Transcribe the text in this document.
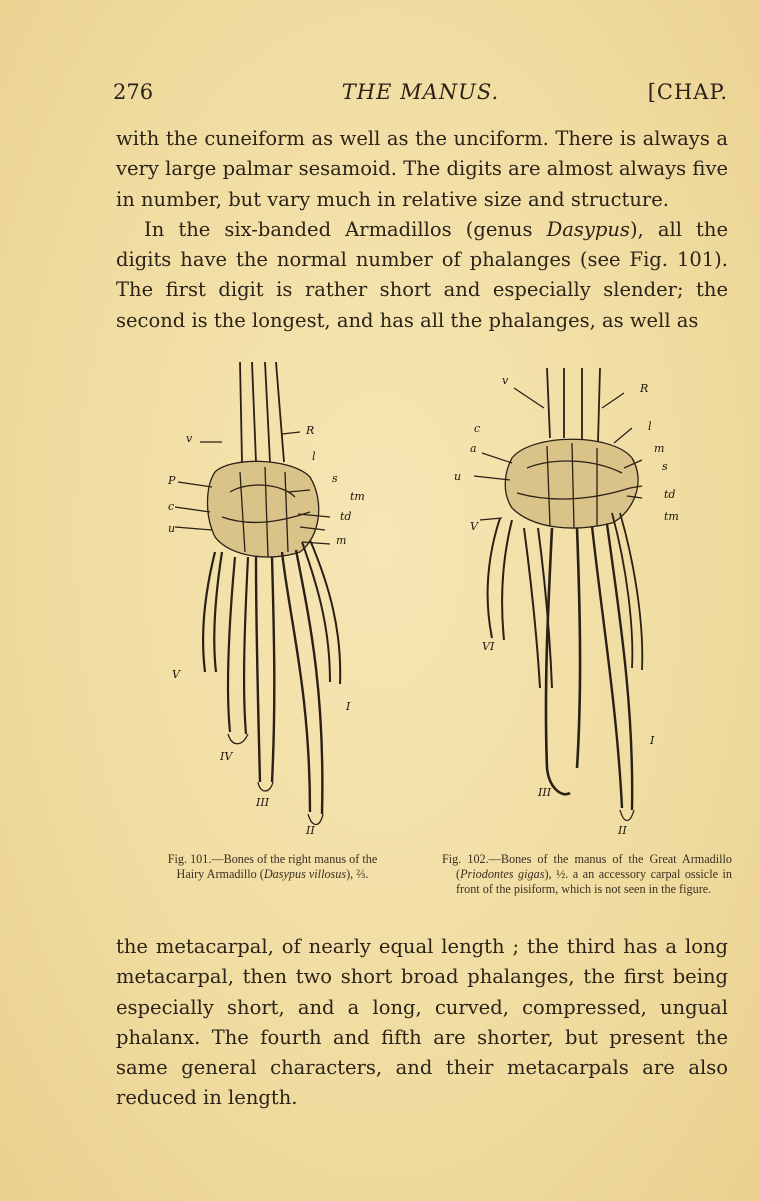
276	THE MANUS.	[CHAP.

with the cuneiform as well as the unciform. There is always a very large palmar sesamoid. The digits are almost always five in number, but vary much in relative size and structure.

In the six-banded Armadillos (genus Dasypus), all the digits have the normal number of phalanges (see Fig. 101). The first digit is rather short and especially slender; the second is the longest, and has all the phalanges, as well as

v
R
l
P
c
u
s
tm
td
m
V
I
IV
III
II
v
R
c	l
a	m
u
s
td
tm
V
VI
I
III
II
Fig. 101.—Bones of the right manus of the
Hairy Armadillo (Dasypus villosus), ⅔.
Fig. 102.—Bones of the manus of the Great Armadillo (Priodontes gigas), ½. a an accessory carpal ossicle in front of the pisiform, which is not seen in the figure.

the metacarpal, of nearly equal length ; the third has a long metacarpal, then two short broad phalanges, the first being especially short, and a long, curved, compressed, ungual phalanx. The fourth and fifth are shorter, but present the same general characters, and their metacarpals are also reduced in length.
